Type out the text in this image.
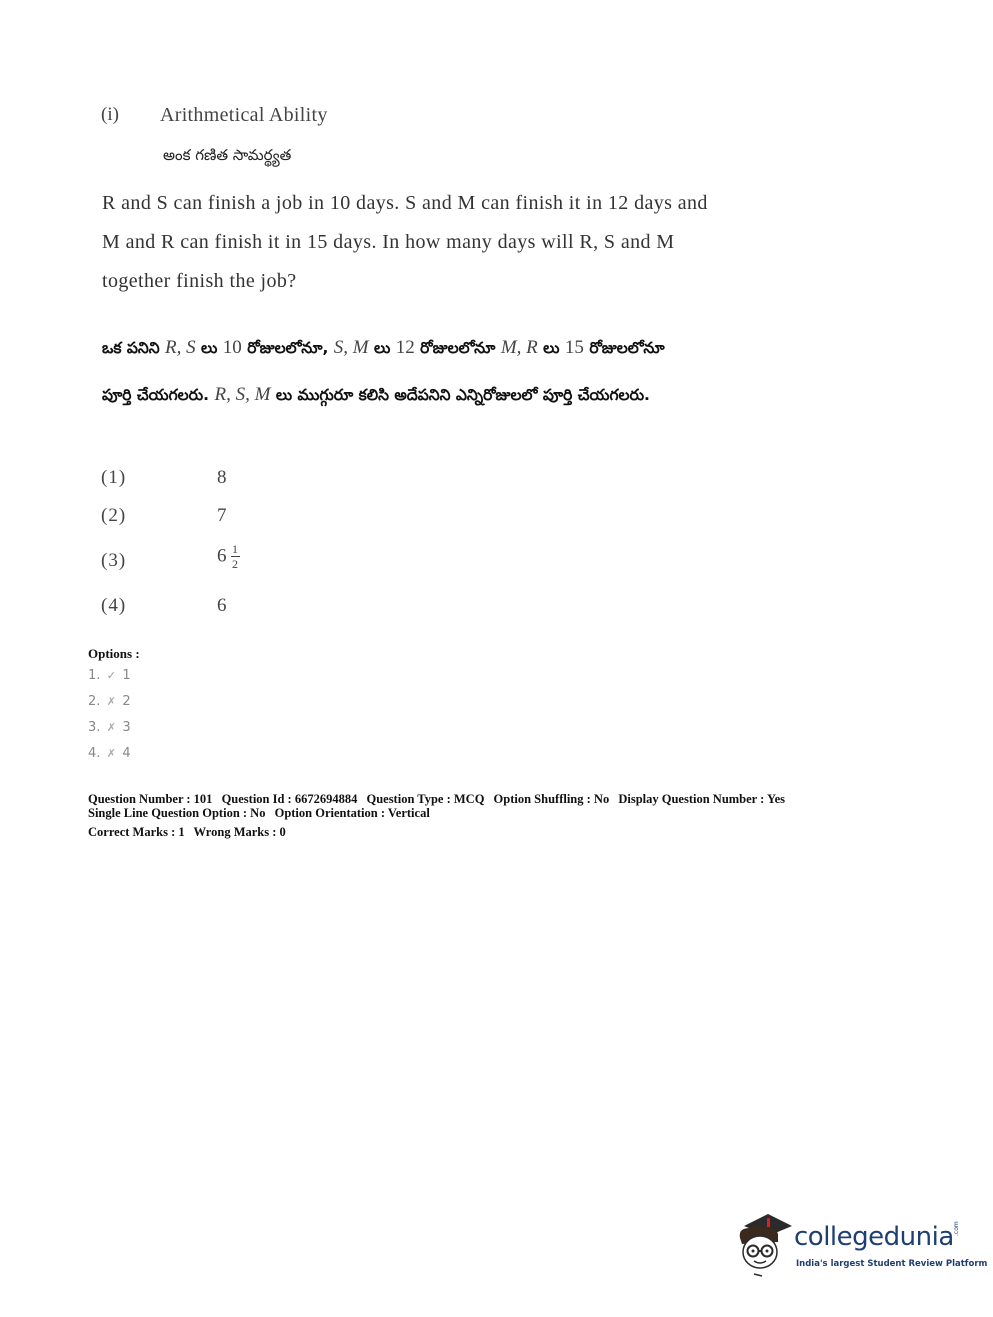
(i) Arithmetical Ability
అంక గణిత సామర్థ్యత
R and S can finish a job in 10 days. S and M can finish it in 12 days and
M and R can finish it in 15 days. In how many days will R, S and M
together finish the job?
ఒక పనిని R, S లు 10 రోజులలోనూ, S, M లు 12 రోజులలోనూ M, R లు 15 రోజులలోనూ
పూర్తి చేయగలరు. R, S, M లు ముగ్గురూ కలిసి అదేపనిని ఎన్నిరోజులలో పూర్తి చేయగలరు.
(1)	8
(2)	7
(3)	$6 \frac{1}{2}$
(4)	6
Options :
1. ✓ 1
2. ✗ 2
3. ✗ 3
4. ✗ 4
Question Number : 101 Question Id : 6672694884 Question Type : MCQ Option Shuffling : No Display Question Number : Yes
Single Line Question Option : No Option Orientation : Vertical
Correct Marks : 1 Wrong Marks : 0
collegedunia
India's largest Student Review Platform
.com
